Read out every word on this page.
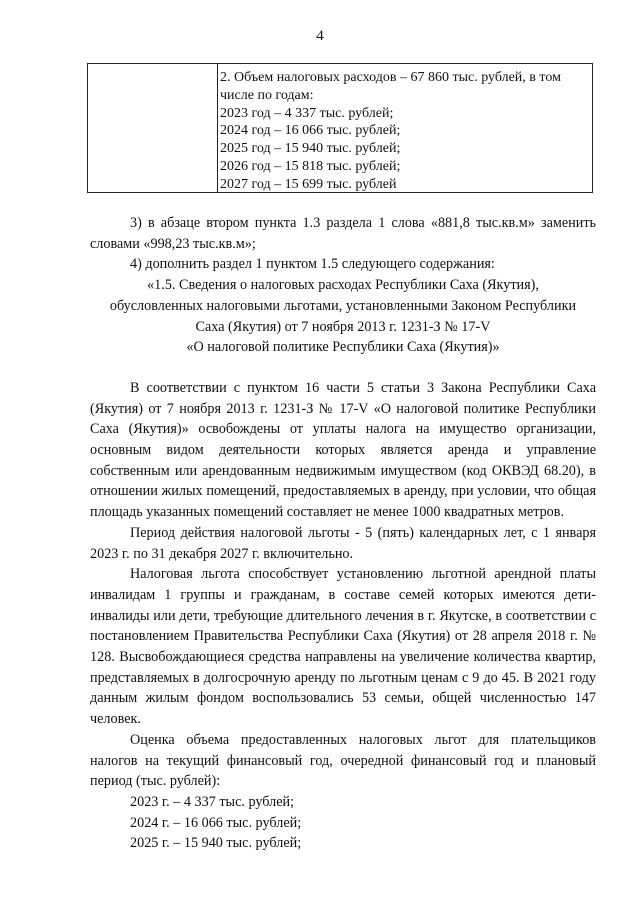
4
2. Объем налоговых расходов – 67 860 тыс. рублей, в том
числе по годам:
2023 год – 4 337 тыс. рублей;
2024 год – 16 066 тыс. рублей;
2025 год – 15 940 тыс. рублей;
2026 год – 15 818 тыс. рублей;
2027 год – 15 699 тыс. рублей

3) в абзаце втором пункта 1.3 раздела 1 слова «881,8 тыс.кв.м» заменить словами «998,23 тыс.кв.м»;

4) дополнить раздел 1 пунктом 1.5 следующего содержания:

«1.5. Сведения о налоговых расходах Республики Саха (Якутия),

обусловленных налоговыми льготами, установленными Законом Республики

Саха (Якутия) от 7 ноября 2013 г. 1231-З № 17-V

«О налоговой политике Республики Саха (Якутия)»

В соответствии с пунктом 16 части 5 статьи 3 Закона Республики Саха (Якутия) от 7 ноября 2013 г. 1231-З № 17-V «О налоговой политике Республики Саха (Якутия)» освобождены от уплаты налога на имущество организации, основным видом деятельности которых является аренда и управление собственным или арендованным недвижимым имуществом (код ОКВЭД 68.20), в отношении жилых помещений, предоставляемых в аренду, при условии, что общая площадь указанных помещений составляет не менее 1000 квадратных метров.

Период действия налоговой льготы - 5 (пять) календарных лет, с 1 января 2023 г. по 31 декабря 2027 г. включительно.

Налоговая льгота способствует установлению льготной арендной платы инвалидам 1 группы и гражданам, в составе семей которых имеются дети-инвалиды или дети, требующие длительного лечения в г. Якутске, в соответствии с постановлением Правительства Республики Саха (Якутия) от 28 апреля 2018 г. № 128. Высвобождающиеся средства направлены на увеличение количества квартир, представляемых в долгосрочную аренду по льготным ценам с 9 до 45. В 2021 году данным жилым фондом воспользовались 53 семьи, общей численностью 147 человек.

Оценка объема предоставленных налоговых льгот для плательщиков налогов на текущий финансовый год, очередной финансовый год и плановый период (тыс. рублей):

2023 г. – 4 337 тыс. рублей;
2024 г. – 16 066 тыс. рублей;
2025 г. – 15 940 тыс. рублей;
